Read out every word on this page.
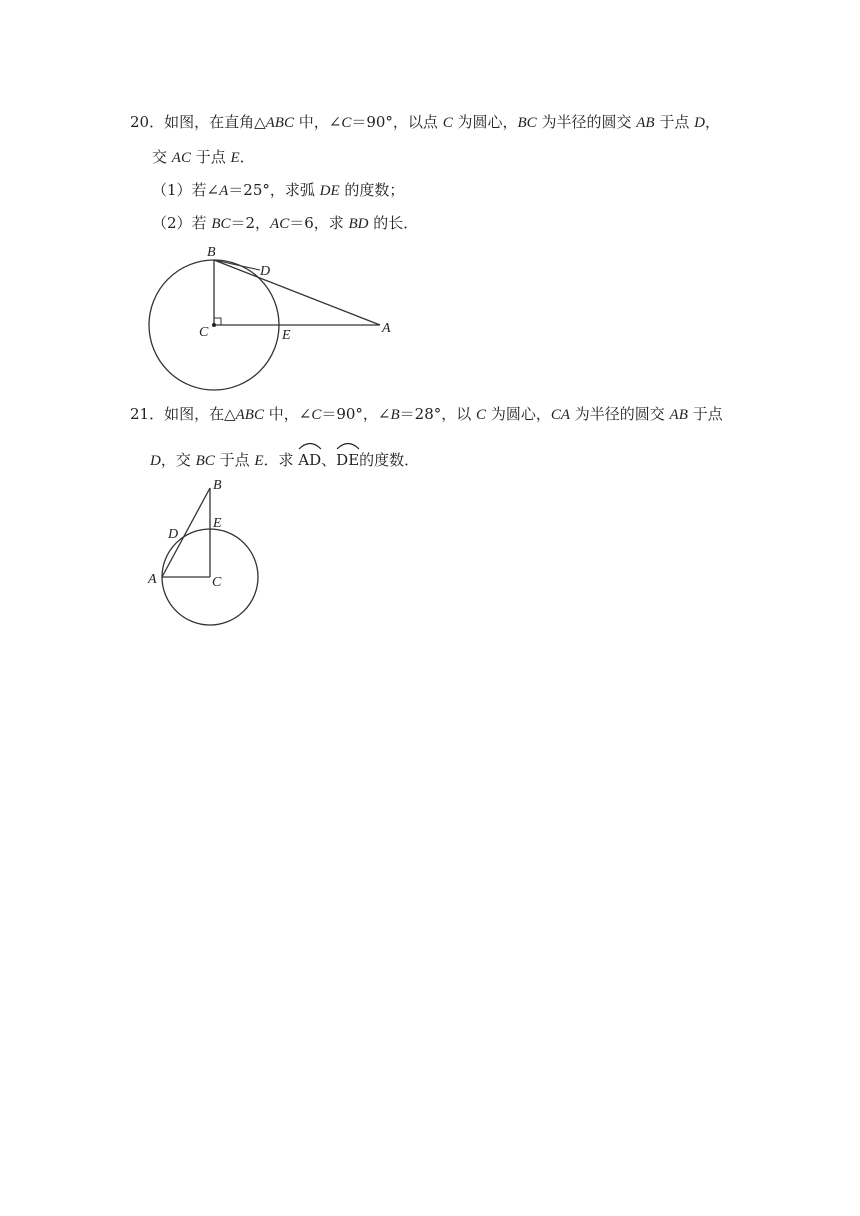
20．如图，在直角△ABC 中，∠C＝90°，以点 C 为圆心，BC 为半径的圆交 AB 于点 D，
交 AC 于点 E．
（1）若∠A＝25°，求弧 DE 的度数；
（2）若 BC＝2，AC＝6，求 BD 的长．
B
D
C	E	A
21．如图，在△ABC 中，∠C＝90°，∠B＝28°，以 C 为圆心，CA 为半径的圆交 AB 于点
D，交 BC 于点 E．求
AD、
DE的度数．
B
E
D
A	C
